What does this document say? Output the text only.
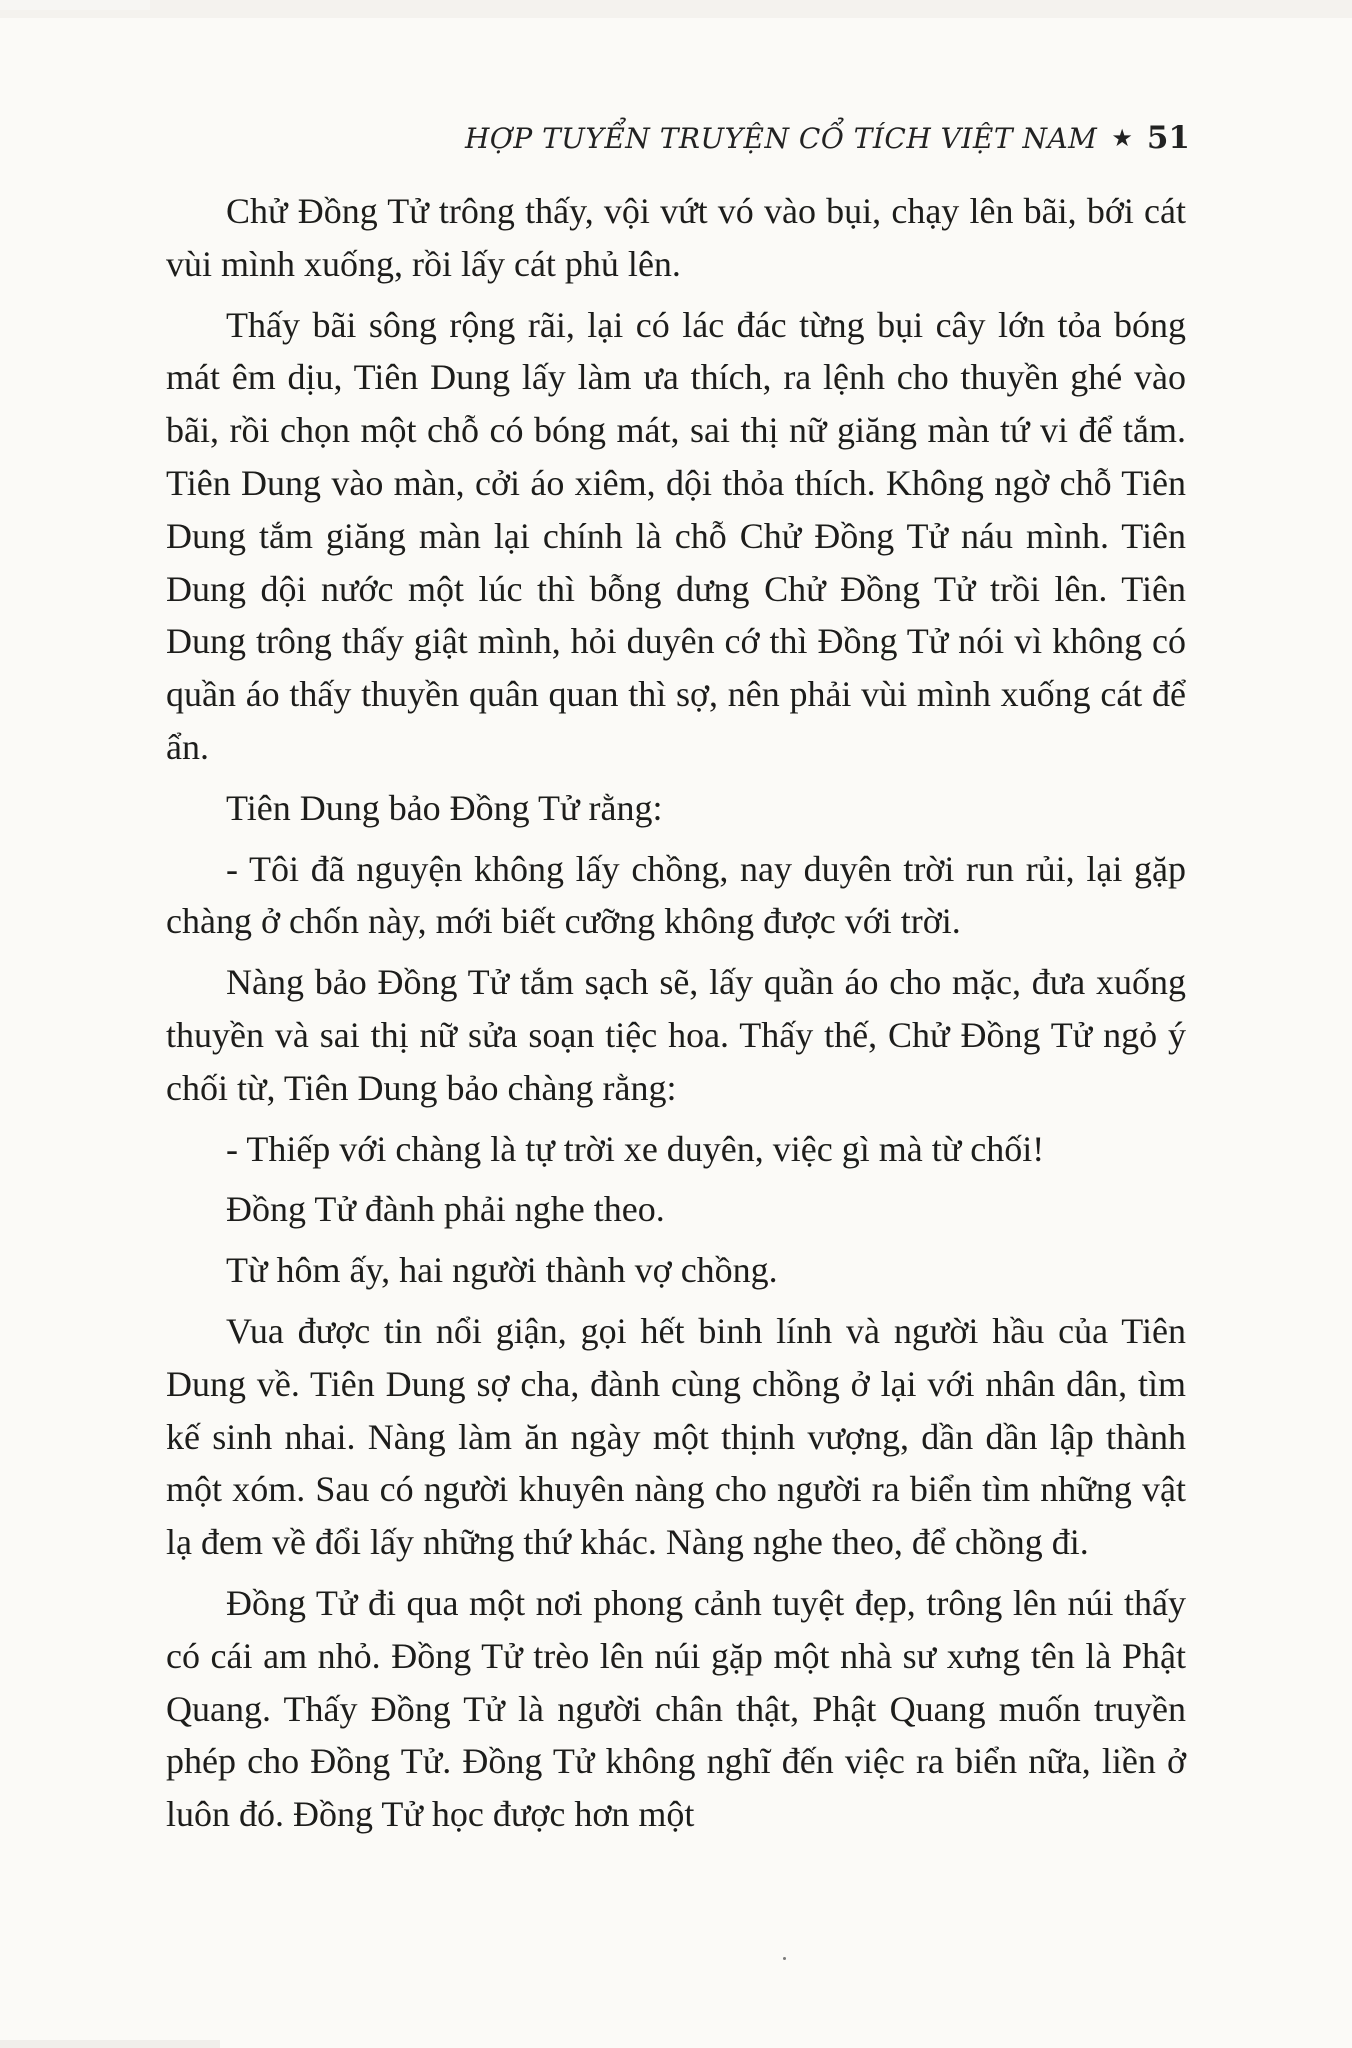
HỢP TUYỂN TRUYỆN CỔ TÍCH VIỆT NAM ★ 51

Chử Đồng Tử trông thấy, vội vứt vó vào bụi, chạy lên bãi, bới cát vùi mình xuống, rồi lấy cát phủ lên.

Thấy bãi sông rộng rãi, lại có lác đác từng bụi cây lớn tỏa bóng mát êm dịu, Tiên Dung lấy làm ưa thích, ra lệnh cho thuyền ghé vào bãi, rồi chọn một chỗ có bóng mát, sai thị nữ giăng màn tứ vi để tắm. Tiên Dung vào màn, cởi áo xiêm, dội thỏa thích. Không ngờ chỗ Tiên Dung tắm giăng màn lại chính là chỗ Chử Đồng Tử náu mình. Tiên Dung dội nước một lúc thì bỗng dưng Chử Đồng Tử trồi lên. Tiên Dung trông thấy giật mình, hỏi duyên cớ thì Đồng Tử nói vì không có quần áo thấy thuyền quân quan thì sợ, nên phải vùi mình xuống cát để ẩn.

Tiên Dung bảo Đồng Tử rằng:

- Tôi đã nguyện không lấy chồng, nay duyên trời run rủi, lại gặp chàng ở chốn này, mới biết cưỡng không được với trời.

Nàng bảo Đồng Tử tắm sạch sẽ, lấy quần áo cho mặc, đưa xuống thuyền và sai thị nữ sửa soạn tiệc hoa. Thấy thế, Chử Đồng Tử ngỏ ý chối từ, Tiên Dung bảo chàng rằng:

- Thiếp với chàng là tự trời xe duyên, việc gì mà từ chối!

Đồng Tử đành phải nghe theo.

Từ hôm ấy, hai người thành vợ chồng.

Vua được tin nổi giận, gọi hết binh lính và người hầu của Tiên Dung về. Tiên Dung sợ cha, đành cùng chồng ở lại với nhân dân, tìm kế sinh nhai. Nàng làm ăn ngày một thịnh vượng, dần dần lập thành một xóm. Sau có người khuyên nàng cho người ra biển tìm những vật lạ đem về đổi lấy những thứ khác. Nàng nghe theo, để chồng đi.

Đồng Tử đi qua một nơi phong cảnh tuyệt đẹp, trông lên núi thấy có cái am nhỏ. Đồng Tử trèo lên núi gặp một nhà sư xưng tên là Phật Quang. Thấy Đồng Tử là người chân thật, Phật Quang muốn truyền phép cho Đồng Tử. Đồng Tử không nghĩ đến việc ra biển nữa, liền ở luôn đó. Đồng Tử học được hơn một
